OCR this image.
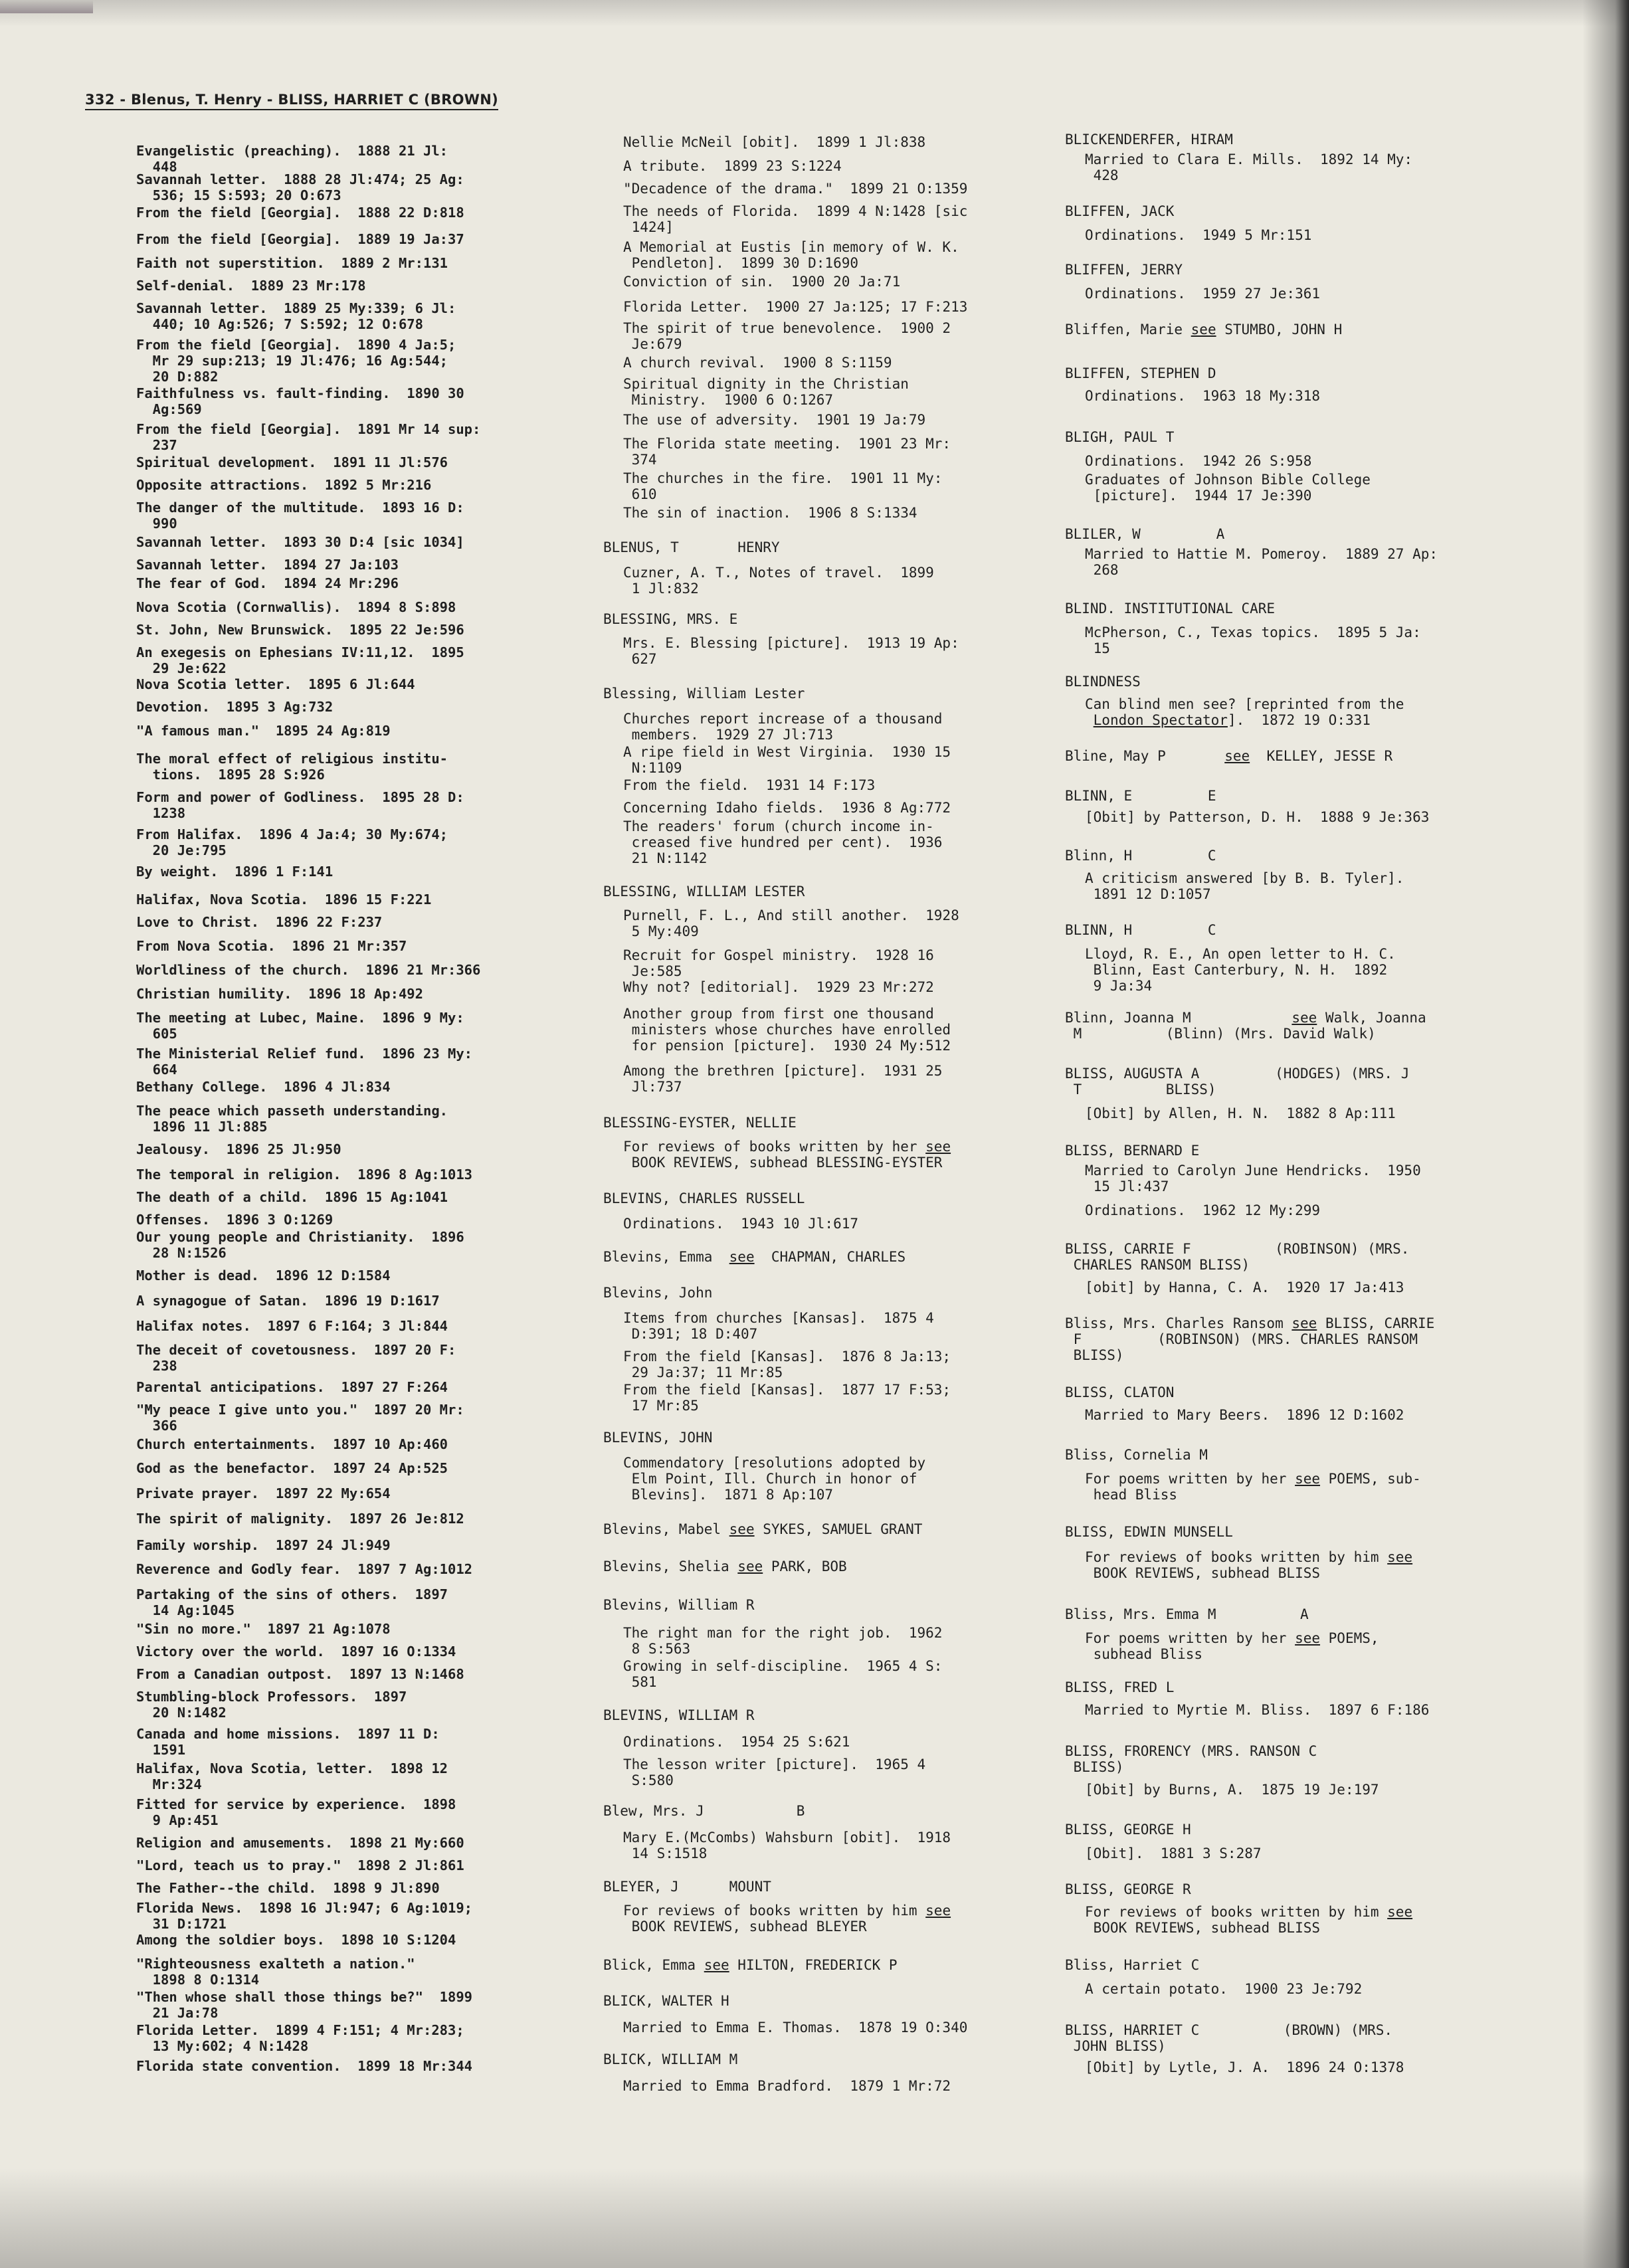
332 - Blenus, T. Henry - BLISS, HARRIET C (BROWN)
Evangelistic (preaching).  1888 21 Jl:
448
Savannah letter.  1888 28 Jl:474; 25 Ag:
536; 15 S:593; 20 O:673
From the field [Georgia].  1888 22 D:818
From the field [Georgia].  1889 19 Ja:37
Faith not superstition.  1889 2 Mr:131
Self-denial.  1889 23 Mr:178
Savannah letter.  1889 25 My:339; 6 Jl:
440; 10 Ag:526; 7 S:592; 12 O:678
From the field [Georgia].  1890 4 Ja:5;
Mr 29 sup:213; 19 Jl:476; 16 Ag:544;
20 D:882
Faithfulness vs. fault-finding.  1890 30
Ag:569
From the field [Georgia].  1891 Mr 14 sup:
237
Spiritual development.  1891 11 Jl:576
Opposite attractions.  1892 5 Mr:216
The danger of the multitude.  1893 16 D:
990
Savannah letter.  1893 30 D:4 [sic 1034]
Savannah letter.  1894 27 Ja:103
The fear of God.  1894 24 Mr:296
Nova Scotia (Cornwallis).  1894 8 S:898
St. John, New Brunswick.  1895 22 Je:596
An exegesis on Ephesians IV:11,12.  1895
29 Je:622
Nova Scotia letter.  1895 6 Jl:644
Devotion.  1895 3 Ag:732
"A famous man."  1895 24 Ag:819
The moral effect of religious institu-
tions.  1895 28 S:926
Form and power of Godliness.  1895 28 D:
1238
From Halifax.  1896 4 Ja:4; 30 My:674;
20 Je:795
By weight.  1896 1 F:141
Halifax, Nova Scotia.  1896 15 F:221
Love to Christ.  1896 22 F:237
From Nova Scotia.  1896 21 Mr:357
Worldliness of the church.  1896 21 Mr:366
Christian humility.  1896 18 Ap:492
The meeting at Lubec, Maine.  1896 9 My:
605
The Ministerial Relief fund.  1896 23 My:
664
Bethany College.  1896 4 Jl:834
The peace which passeth understanding.
1896 11 Jl:885
Jealousy.  1896 25 Jl:950
The temporal in religion.  1896 8 Ag:1013
The death of a child.  1896 15 Ag:1041
Offenses.  1896 3 O:1269
Our young people and Christianity.  1896
28 N:1526
Mother is dead.  1896 12 D:1584
A synagogue of Satan.  1896 19 D:1617
Halifax notes.  1897 6 F:164; 3 Jl:844
The deceit of covetousness.  1897 20 F:
238
Parental anticipations.  1897 27 F:264
"My peace I give unto you."  1897 20 Mr:
366
Church entertainments.  1897 10 Ap:460
God as the benefactor.  1897 24 Ap:525
Private prayer.  1897 22 My:654
The spirit of malignity.  1897 26 Je:812
Family worship.  1897 24 Jl:949
Reverence and Godly fear.  1897 7 Ag:1012
Partaking of the sins of others.  1897
14 Ag:1045
"Sin no more."  1897 21 Ag:1078
Victory over the world.  1897 16 O:1334
From a Canadian outpost.  1897 13 N:1468
Stumbling-block Professors.  1897
20 N:1482
Canada and home missions.  1897 11 D:
1591
Halifax, Nova Scotia, letter.  1898 12
Mr:324
Fitted for service by experience.  1898
9 Ap:451
Religion and amusements.  1898 21 My:660
"Lord, teach us to pray."  1898 2 Jl:861
The Father--the child.  1898 9 Jl:890
Florida News.  1898 16 Jl:947; 6 Ag:1019;
31 D:1721
Among the soldier boys.  1898 10 S:1204
"Righteousness exalteth a nation."
1898 8 O:1314
"Then whose shall those things be?"  1899
21 Ja:78
Florida Letter.  1899 4 F:151; 4 Mr:283;
13 My:602; 4 N:1428
Florida state convention.  1899 18 Mr:344
Nellie McNeil [obit].  1899 1 Jl:838
A tribute.  1899 23 S:1224
"Decadence of the drama."  1899 21 O:1359
The needs of Florida.  1899 4 N:1428 [sic
1424]
A Memorial at Eustis [in memory of W. K.
Pendleton].  1899 30 D:1690
Conviction of sin.  1900 20 Ja:71
Florida Letter.  1900 27 Ja:125; 17 F:213
The spirit of true benevolence.  1900 2
Je:679
A church revival.  1900 8 S:1159
Spiritual dignity in the Christian
Ministry.  1900 6 O:1267
The use of adversity.  1901 19 Ja:79
The Florida state meeting.  1901 23 Mr:
374
The churches in the fire.  1901 11 My:
610
The sin of inaction.  1906 8 S:1334
BLENUS, T       HENRY
Cuzner, A. T., Notes of travel.  1899
1 Jl:832
BLESSING, MRS. E
Mrs. E. Blessing [picture].  1913 19 Ap:
627
Blessing, William Lester
Churches report increase of a thousand
members.  1929 27 Jl:713
A ripe field in West Virginia.  1930 15
N:1109
From the field.  1931 14 F:173
Concerning Idaho fields.  1936 8 Ag:772
The readers' forum (church income in-
creased five hundred per cent).  1936
21 N:1142
BLESSING, WILLIAM LESTER
Purnell, F. L., And still another.  1928
5 My:409
Recruit for Gospel ministry.  1928 16
Je:585
Why not? [editorial].  1929 23 Mr:272
Another group from first one thousand
ministers whose churches have enrolled
for pension [picture].  1930 24 My:512
Among the brethren [picture].  1931 25
Jl:737
BLESSING-EYSTER, NELLIE
For reviews of books written by her see
BOOK REVIEWS, subhead BLESSING-EYSTER
BLEVINS, CHARLES RUSSELL
Ordinations.  1943 10 Jl:617
Blevins, Emma  see  CHAPMAN, CHARLES
Blevins, John
Items from churches [Kansas].  1875 4
D:391; 18 D:407
From the field [Kansas].  1876 8 Ja:13;
29 Ja:37; 11 Mr:85
From the field [Kansas].  1877 17 F:53;
17 Mr:85
BLEVINS, JOHN
Commendatory [resolutions adopted by
Elm Point, Ill. Church in honor of
Blevins].  1871 8 Ap:107
Blevins, Mabel see SYKES, SAMUEL GRANT
Blevins, Shelia see PARK, BOB
Blevins, William R
The right man for the right job.  1962
8 S:563
Growing in self-discipline.  1965 4 S:
581
BLEVINS, WILLIAM R
Ordinations.  1954 25 S:621
The lesson writer [picture].  1965 4
S:580
Blew, Mrs. J           B
Mary E.(McCombs) Wahsburn [obit].  1918
14 S:1518
BLEYER, J      MOUNT
For reviews of books written by him see
BOOK REVIEWS, subhead BLEYER
Blick, Emma see HILTON, FREDERICK P
BLICK, WALTER H
Married to Emma E. Thomas.  1878 19 O:340
BLICK, WILLIAM M
Married to Emma Bradford.  1879 1 Mr:72
BLICKENDERFER, HIRAM
Married to Clara E. Mills.  1892 14 My:
428
BLIFFEN, JACK
Ordinations.  1949 5 Mr:151
BLIFFEN, JERRY
Ordinations.  1959 27 Je:361
Bliffen, Marie see STUMBO, JOHN H
BLIFFEN, STEPHEN D
Ordinations.  1963 18 My:318
BLIGH, PAUL T
Ordinations.  1942 26 S:958
Graduates of Johnson Bible College
[picture].  1944 17 Je:390
BLILER, W         A
Married to Hattie M. Pomeroy.  1889 27 Ap:
268
BLIND. INSTITUTIONAL CARE
McPherson, C., Texas topics.  1895 5 Ja:
15
BLINDNESS
Can blind men see? [reprinted from the
London Spectator].  1872 19 O:331
Bline, May P       see  KELLEY, JESSE R
BLINN, E         E
[Obit] by Patterson, D. H.  1888 9 Je:363
Blinn, H         C
A criticism answered [by B. B. Tyler].
1891 12 D:1057
BLINN, H         C
Lloyd, R. E., An open letter to H. C.
Blinn, East Canterbury, N. H.  1892
9 Ja:34
Blinn, Joanna M            see Walk, Joanna
M          (Blinn) (Mrs. David Walk)
BLISS, AUGUSTA A         (HODGES) (MRS. J
T          BLISS)
[Obit] by Allen, H. N.  1882 8 Ap:111
BLISS, BERNARD E
Married to Carolyn June Hendricks.  1950
15 Jl:437
Ordinations.  1962 12 My:299
BLISS, CARRIE F          (ROBINSON) (MRS.
CHARLES RANSOM BLISS)
[obit] by Hanna, C. A.  1920 17 Ja:413
Bliss, Mrs. Charles Ransom see BLISS, CARRIE
F         (ROBINSON) (MRS. CHARLES RANSOM
BLISS)
BLISS, CLATON
Married to Mary Beers.  1896 12 D:1602
Bliss, Cornelia M
For poems written by her see POEMS, sub-
head Bliss
BLISS, EDWIN MUNSELL
For reviews of books written by him see
BOOK REVIEWS, subhead BLISS
Bliss, Mrs. Emma M          A
For poems written by her see POEMS,
subhead Bliss
BLISS, FRED L
Married to Myrtie M. Bliss.  1897 6 F:186
BLISS, FRORENCY (MRS. RANSON C
BLISS)
[Obit] by Burns, A.  1875 19 Je:197
BLISS, GEORGE H
[Obit].  1881 3 S:287
BLISS, GEORGE R
For reviews of books written by him see
BOOK REVIEWS, subhead BLISS
Bliss, Harriet C
A certain potato.  1900 23 Je:792
BLISS, HARRIET C          (BROWN) (MRS.
JOHN BLISS)
[Obit] by Lytle, J. A.  1896 24 O:1378
